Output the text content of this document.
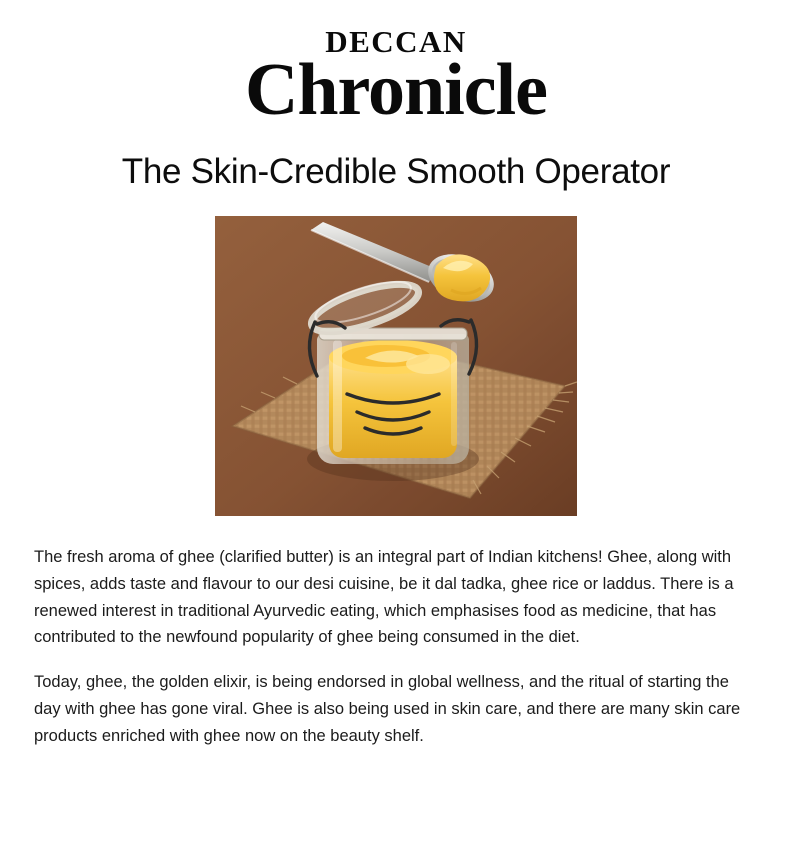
DECCAN
Chronicle
The Skin-Credible Smooth Operator

The fresh aroma of ghee (clarified butter) is an integral part of Indian kitchens! Ghee, along with spices, adds taste and flavour to our desi cuisine, be it dal tadka, ghee rice or laddus. There is a renewed interest in traditional Ayurvedic eating, which emphasises food as medicine, that has contributed to the newfound popularity of ghee being consumed in the diet.

Today, ghee, the golden elixir, is being endorsed in global wellness, and the ritual of starting the day with ghee has gone viral. Ghee is also being used in skin care, and there are many skin care products enriched with ghee now on the beauty shelf.
